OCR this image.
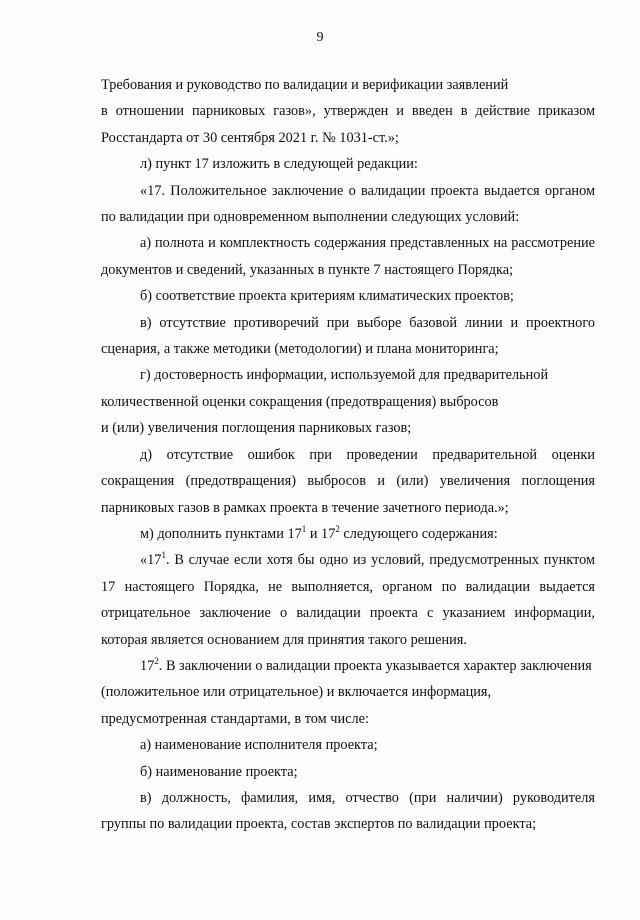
9

Требования и руководство по валидации и верификации заявлений

в отношении парниковых газов», утвержден и введен в действие приказом Росстандарта от 30 сентября 2021 г. № 1031-ст.»;

л) пункт 17 изложить в следующей редакции:

«17. Положительное заключение о валидации проекта выдается органом по валидации при одновременном выполнении следующих условий:

а) полнота и комплектность содержания представленных на рассмотрение документов и сведений, указанных в пункте 7 настоящего Порядка;

б) соответствие проекта критериям климатических проектов;

в) отсутствие противоречий при выборе базовой линии и проектного сценария, а также методики (методологии) и плана мониторинга;

г) достоверность информации, используемой для предварительной

количественной оценки сокращения (предотвращения) выбросов

и (или) увеличения поглощения парниковых газов;

д) отсутствие ошибок при проведении предварительной оценки сокращения (предотвращения) выбросов и (или) увеличения поглощения парниковых газов в рамках проекта в течение зачетного периода.»;

м) дополнить пунктами $17^1$ и $17^2$ следующего содержания:

«$17^1$. В случае если хотя бы одно из условий, предусмотренных пунктом 17 настоящего Порядка, не выполняется, органом по валидации выдается отрицательное заключение о валидации проекта с указанием информации, которая является основанием для принятия такого решения.

$17^2$. В заключении о валидации проекта указывается характер заключения

(положительное или отрицательное) и включается информация,

предусмотренная стандартами, в том числе:

а) наименование исполнителя проекта;

б) наименование проекта;

в) должность, фамилия, имя, отчество (при наличии) руководителя группы по валидации проекта, состав экспертов по валидации проекта;
